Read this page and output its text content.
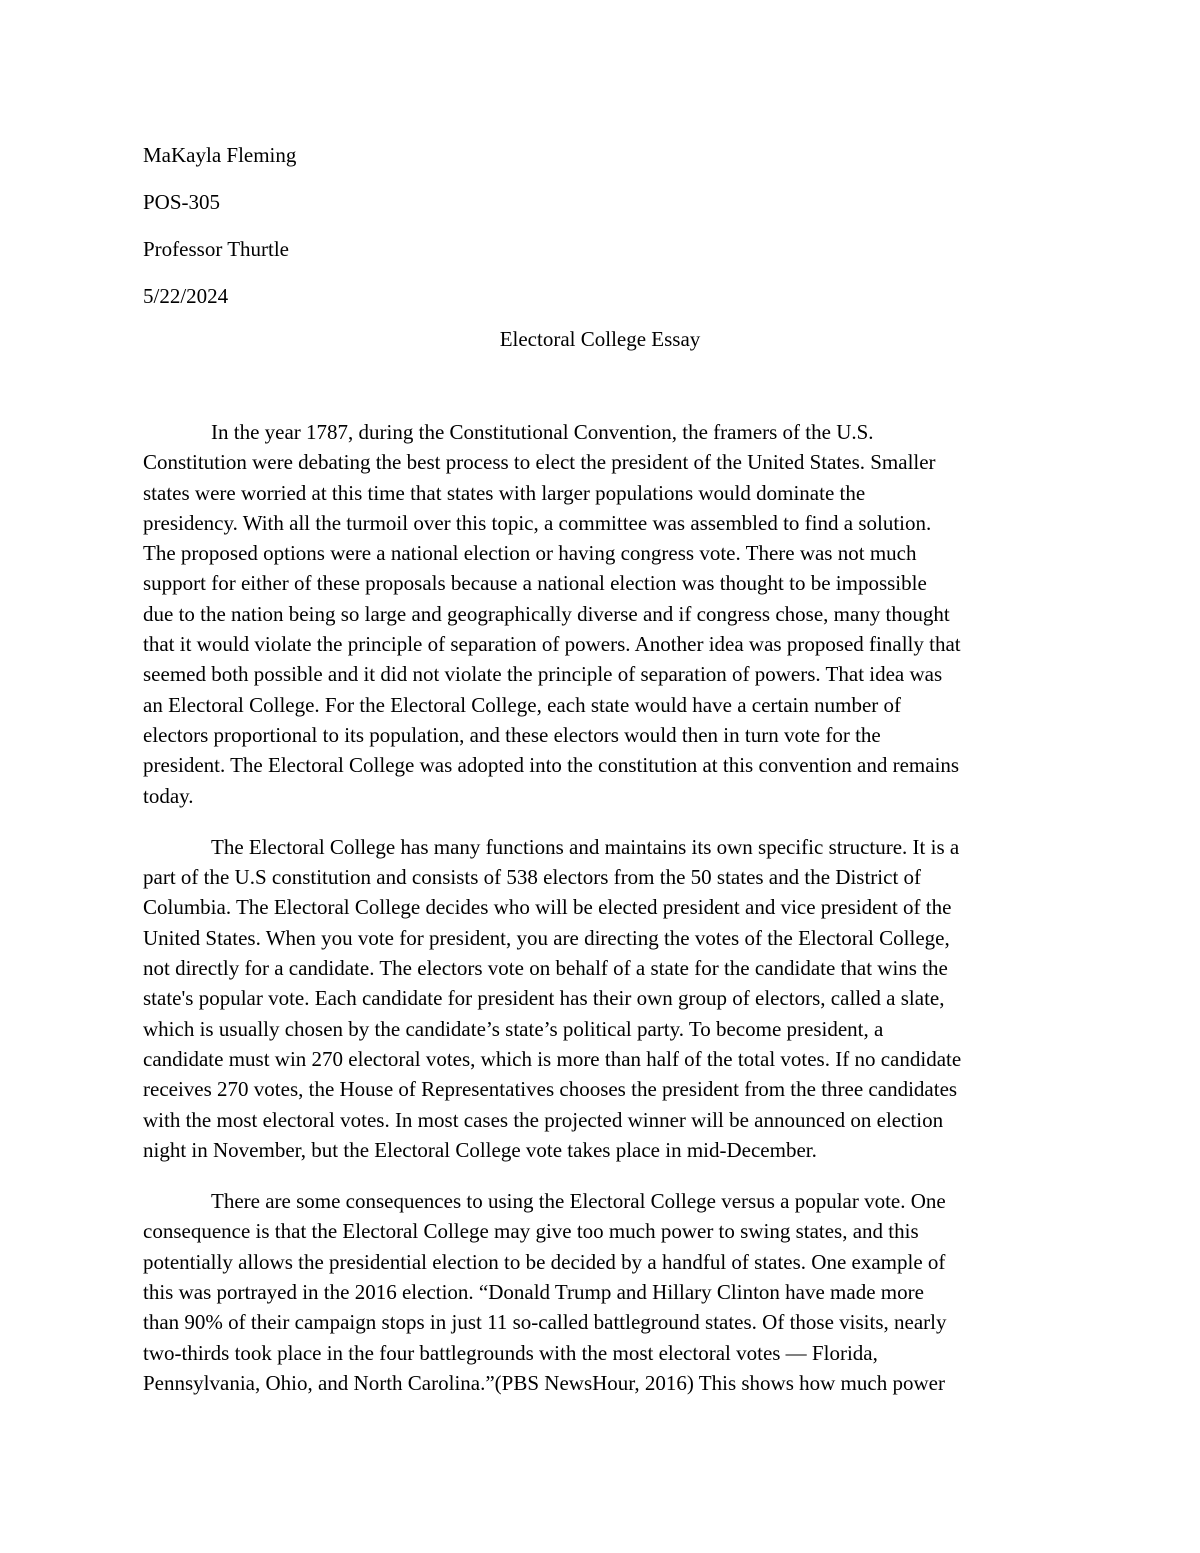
MaKayla Fleming
POS-305
Professor Thurtle
5/22/2024
Electoral College Essay

In the year 1787, during the Constitutional Convention, the framers of the U.S.
Constitution were debating the best process to elect the president of the United States. Smaller
states were worried at this time that states with larger populations would dominate the
presidency. With all the turmoil over this topic, a committee was assembled to find a solution.
The proposed options were a national election or having congress vote. There was not much
support for either of these proposals because a national election was thought to be impossible
due to the nation being so large and geographically diverse and if congress chose, many thought
that it would violate the principle of separation of powers. Another idea was proposed finally that
seemed both possible and it did not violate the principle of separation of powers. That idea was
an Electoral College. For the Electoral College, each state would have a certain number of
electors proportional to its population, and these electors would then in turn vote for the
president. The Electoral College was adopted into the constitution at this convention and remains
today.

The Electoral College has many functions and maintains its own specific structure. It is a
part of the U.S constitution and consists of 538 electors from the 50 states and the District of
Columbia. The Electoral College decides who will be elected president and vice president of the
United States. When you vote for president, you are directing the votes of the Electoral College,
not directly for a candidate. The electors vote on behalf of a state for the candidate that wins the
state's popular vote. Each candidate for president has their own group of electors, called a slate,
which is usually chosen by the candidate’s state’s political party. To become president, a
candidate must win 270 electoral votes, which is more than half of the total votes. If no candidate
receives 270 votes, the House of Representatives chooses the president from the three candidates
with the most electoral votes. In most cases the projected winner will be announced on election
night in November, but the Electoral College vote takes place in mid-December.

There are some consequences to using the Electoral College versus a popular vote. One
consequence is that the Electoral College may give too much power to swing states, and this
potentially allows the presidential election to be decided by a handful of states. One example of
this was portrayed in the 2016 election. “Donald Trump and Hillary Clinton have made more
than 90% of their campaign stops in just 11 so-called battleground states. Of those visits, nearly
two-thirds took place in the four battlegrounds with the most electoral votes — Florida,
Pennsylvania, Ohio, and North Carolina.”(PBS NewsHour, 2016) This shows how much power
